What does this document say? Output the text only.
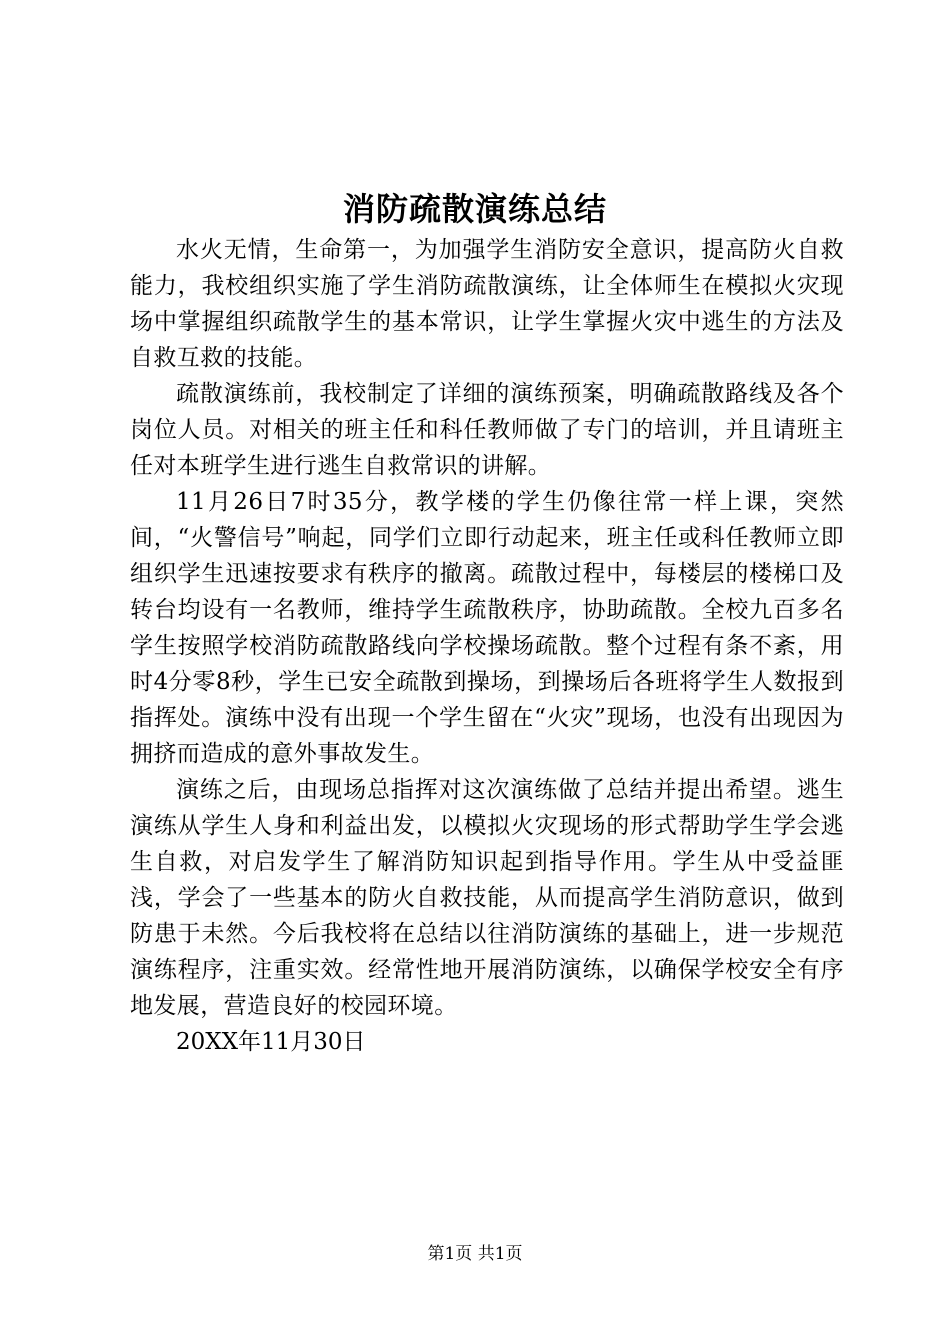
消防疏散演练总结

水火无情，生命第一，为加强学生消防安全意识，提高防火自救能力，我校组织实施了学生消防疏散演练，让全体师生在模拟火灾现场中掌握组织疏散学生的基本常识，让学生掌握火灾中逃生的方法及自救互救的技能。

疏散演练前，我校制定了详细的演练预案，明确疏散路线及各个岗位人员。对相关的班主任和科任教师做了专门的培训，并且请班主任对本班学生进行逃生自救常识的讲解。

11月26日7时35分，教学楼的学生仍像往常一样上课，突然间，“火警信号”响起，同学们立即行动起来，班主任或科任教师立即组织学生迅速按要求有秩序的撤离。疏散过程中，每楼层的楼梯口及转台均设有一名教师，维持学生疏散秩序，协助疏散。全校九百多名学生按照学校消防疏散路线向学校操场疏散。整个过程有条不紊，用时4分零8秒，学生已安全疏散到操场，到操场后各班将学生人数报到指挥处。演练中没有出现一个学生留在“火灾”现场，也没有出现因为拥挤而造成的意外事故发生。

演练之后，由现场总指挥对这次演练做了总结并提出希望。逃生演练从学生人身和利益出发，以模拟火灾现场的形式帮助学生学会逃生自救，对启发学生了解消防知识起到指导作用。学生从中受益匪浅，学会了一些基本的防火自救技能，从而提高学生消防意识，做到防患于未然。今后我校将在总结以往消防演练的基础上，进一步规范演练程序，注重实效。经常性地开展消防演练，以确保学校安全有序地发展，营造良好的校园环境。

20XX年11月30日

第1页 共1页
